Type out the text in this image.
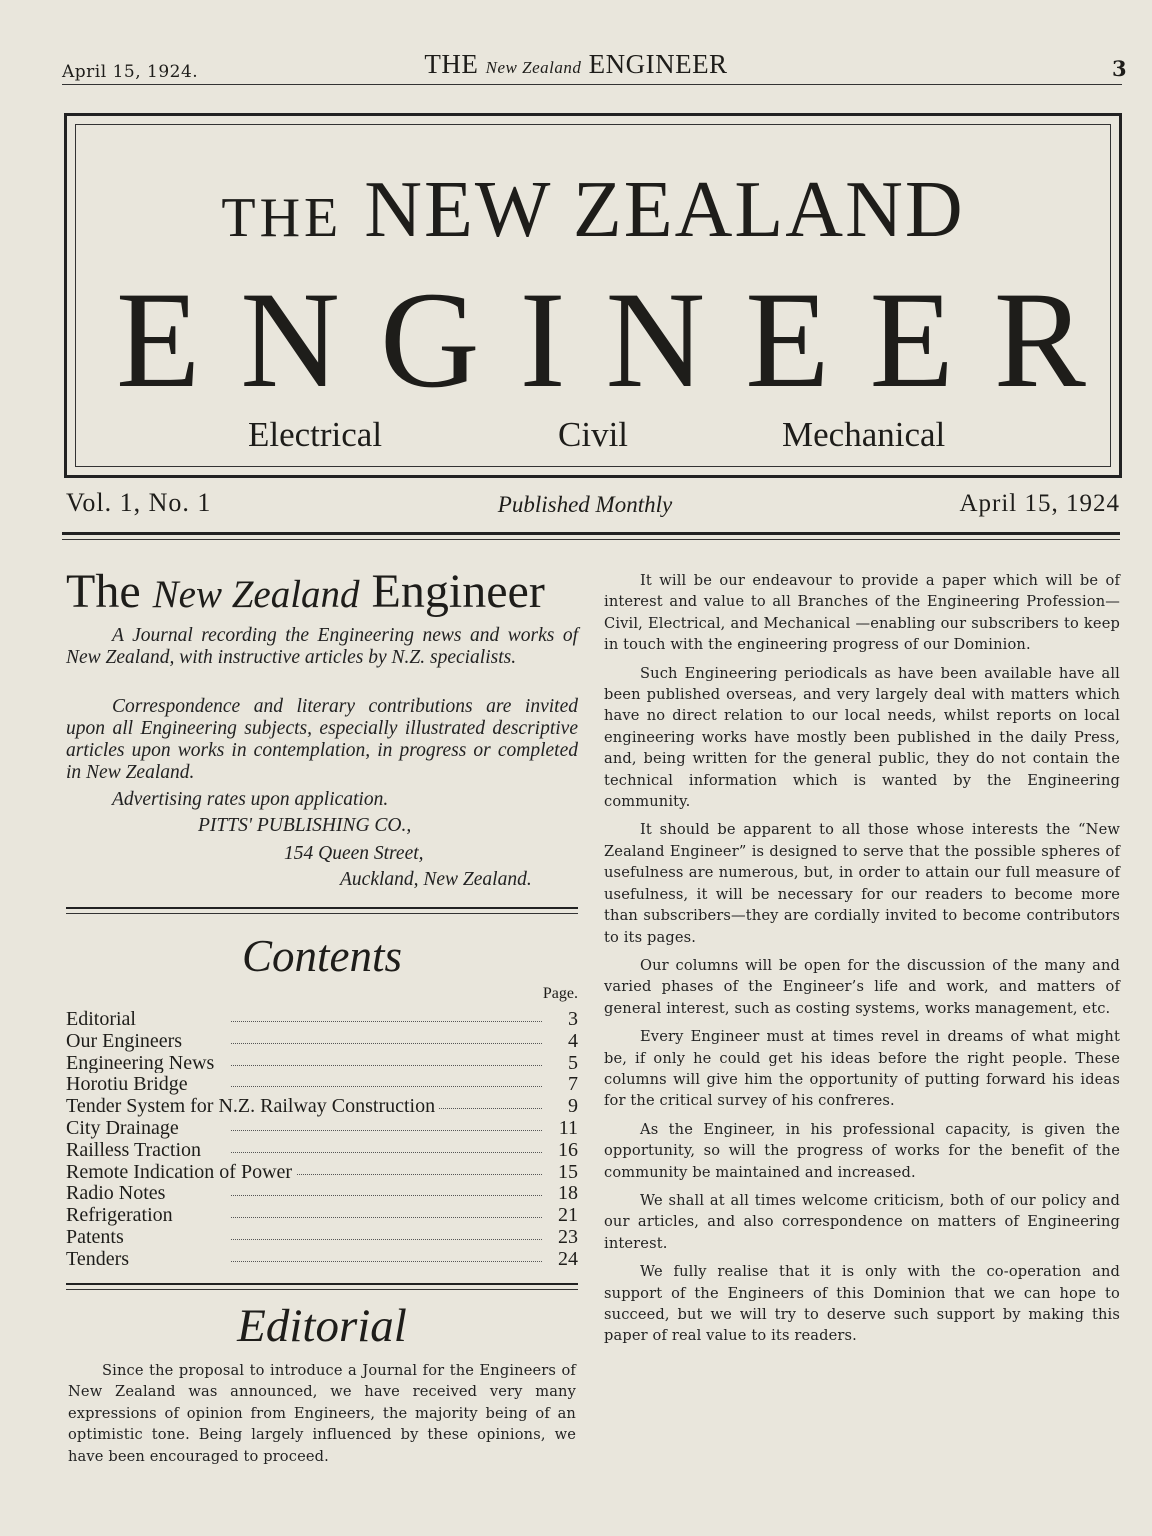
April 15, 1924.	THE New Zealand ENGINEER	3
THE NEW ZEALAND
ENGINEER
Electrical	Civil	Mechanical
Vol. 1, No. 1	Published Monthly	April 15, 1924
The New Zealand Engineer
A Journal recording the Engineering news and works of New Zealand, with instructive articles by N.Z. specialists.
Correspondence and literary contributions are invited upon all Engineering subjects, especially illustrated descriptive articles upon works in contemplation, in progress or completed in New Zealand.
Advertising rates upon application.
PITTS' PUBLISHING CO.,
154 Queen Street,
Auckland, New Zealand.
Contents
Page.
Editorial	3
Our Engineers	4
Engineering News	5
Horotiu Bridge	7
Tender System for N.Z. Railway Construction	9
City Drainage	11
Railless Traction	16
Remote Indication of Power	15
Radio Notes	18
Refrigeration	21
Patents	23
Tenders	24
Editorial
Since the proposal to introduce a Journal for the Engineers of New Zealand was announced, we have received very many expressions of opinion from Engineers, the majority being of an optimistic tone. Being largely influenced by these opinions, we have been encouraged to proceed.

It will be our endeavour to provide a paper which will be of interest and value to all Branches of the Engineering Profession—Civil, Electrical, and Mechanical —enabling our subscribers to keep in touch with the engineering progress of our Dominion.

Such Engineering periodicals as have been available have all been published overseas, and very largely deal with matters which have no direct relation to our local needs, whilst reports on local engineering works have mostly been published in the daily Press, and, being written for the general public, they do not contain the technical information which is wanted by the Engineering community.

It should be apparent to all those whose interests the “New Zealand Engineer” is designed to serve that the possible spheres of usefulness are numerous, but, in order to attain our full measure of usefulness, it will be necessary for our readers to become more than subscribers—they are cordially invited to become contributors to its pages.

Our columns will be open for the discussion of the many and varied phases of the Engineer’s life and work, and matters of general interest, such as costing systems, works management, etc.

Every Engineer must at times revel in dreams of what might be, if only he could get his ideas before the right people. These columns will give him the opportunity of putting forward his ideas for the critical survey of his confreres.

As the Engineer, in his professional capacity, is given the opportunity, so will the progress of works for the benefit of the community be maintained and increased.

We shall at all times welcome criticism, both of our policy and our articles, and also correspondence on matters of Engineering interest.

We fully realise that it is only with the co-operation and support of the Engineers of this Dominion that we can hope to succeed, but we will try to deserve such support by making this paper of real value to its readers.
